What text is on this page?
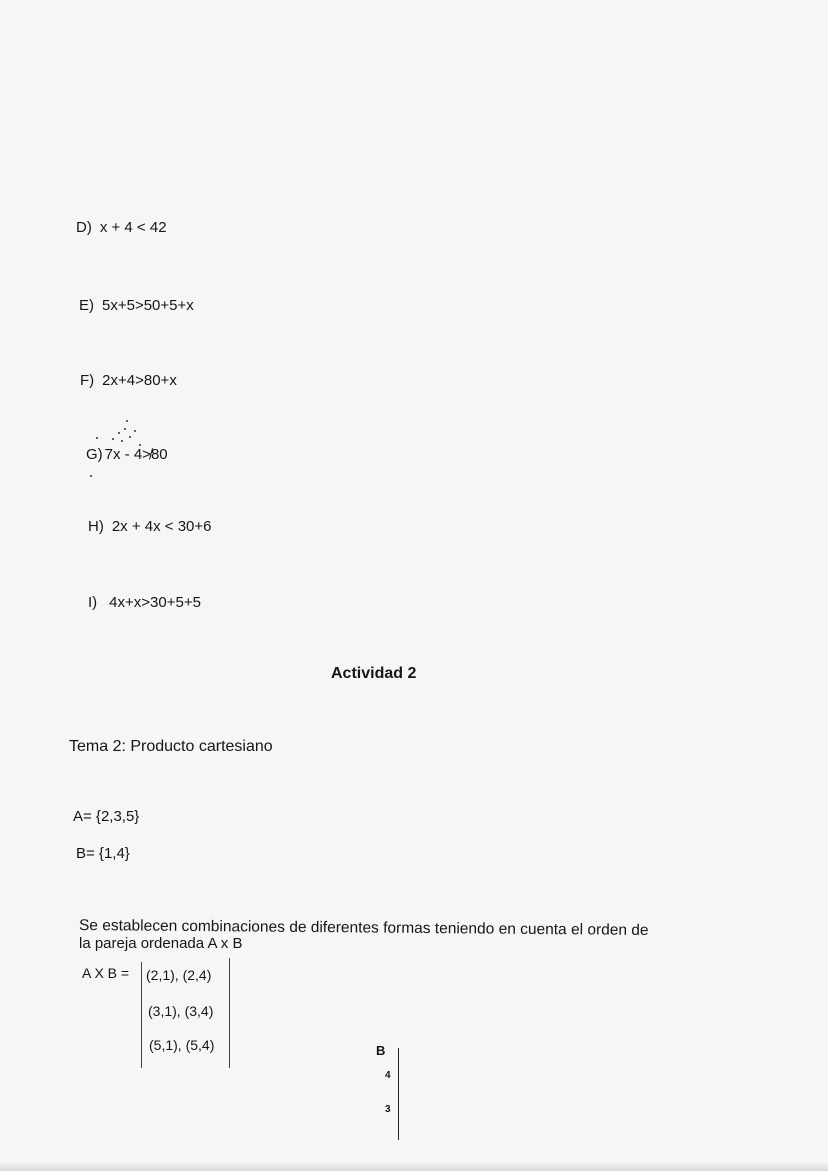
D) x + 4 < 42
E) 5x+5>50+5+x
F) 2x+4>80+x
G) 7x - 4≯80
H) 2x + 4x < 30+6
I) 4x+x>30+5+5
Actividad 2
Tema 2: Producto cartesiano
A= {2,3,5}
B= {1,4}
Se establecen combinaciones de diferentes formas teniendo en cuenta el orden de
la pareja ordenada A x B
A X B = (2,1), (2,4)
(3,1), (3,4)
(5,1), (5,4)	B
4
3
